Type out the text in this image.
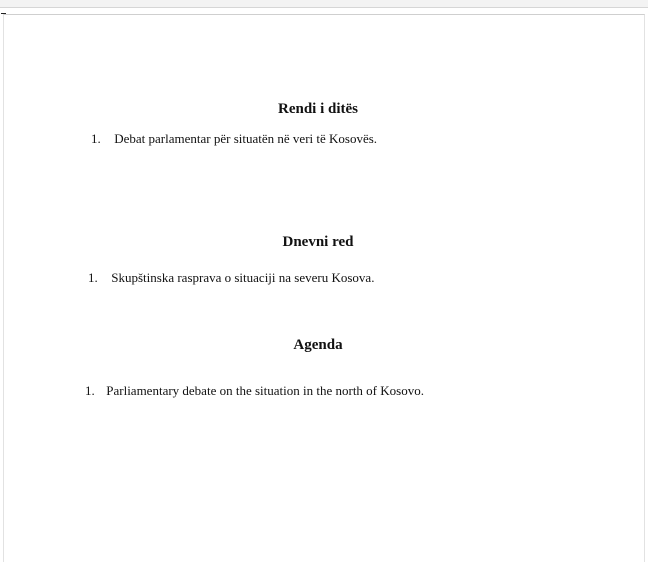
Rendi i ditës
1. Debat parlamentar për situatën në veri të Kosovës.
Dnevni red
1. Skupštinska rasprava o situaciji na severu Kosova.
Agenda
1. Parliamentary debate on the situation in the north of Kosovo.
